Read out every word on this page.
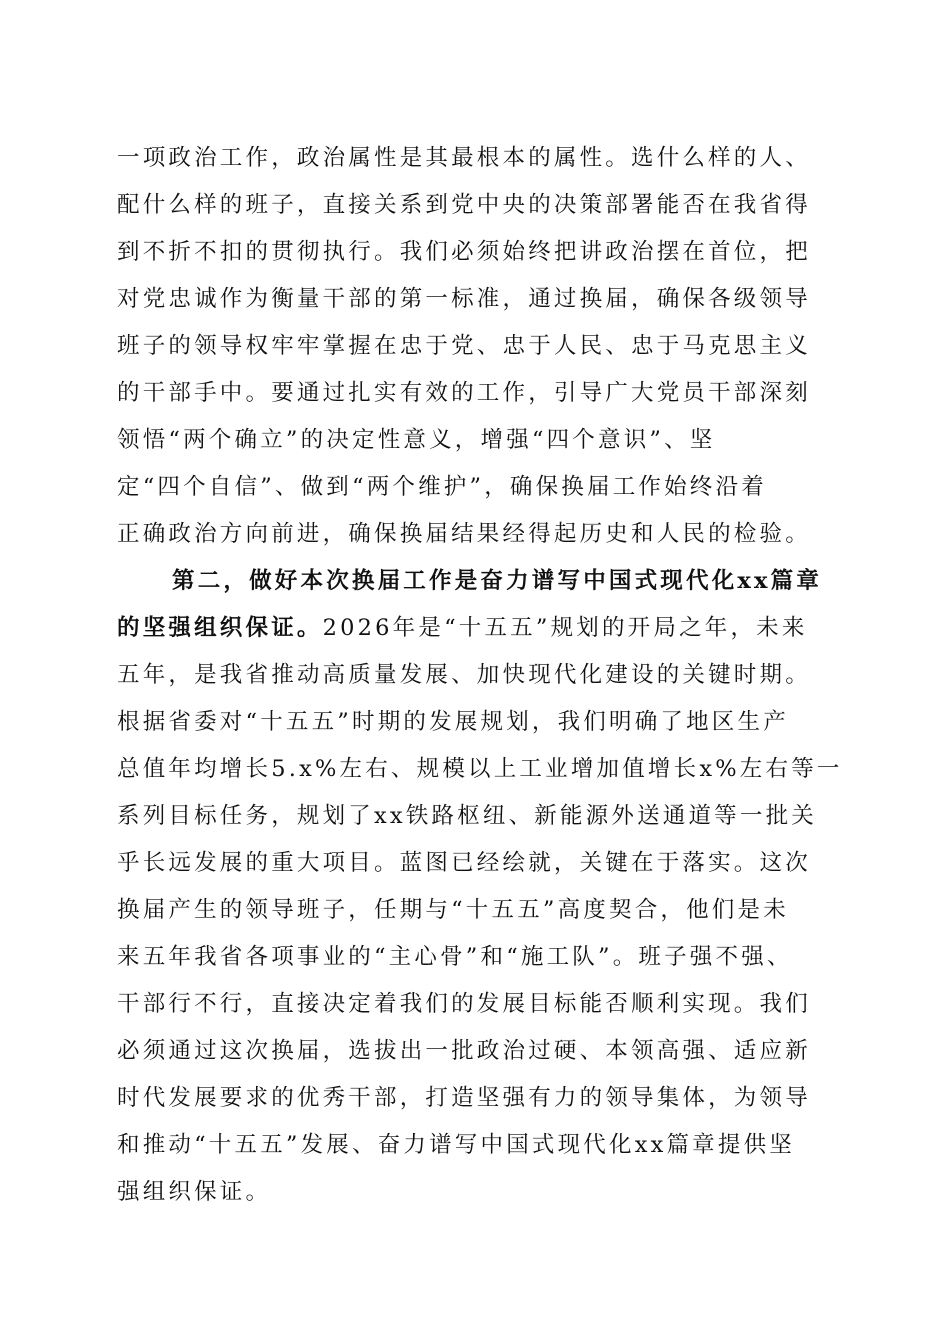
一项政治工作，政治属性是其最根本的属性。选什么样的人、
配什么样的班子，直接关系到党中央的决策部署能否在我省得
到不折不扣的贯彻执行。我们必须始终把讲政治摆在首位，把
对党忠诚作为衡量干部的第一标准，通过换届，确保各级领导
班子的领导权牢牢掌握在忠于党、忠于人民、忠于马克思主义
的干部手中。要通过扎实有效的工作，引导广大党员干部深刻
领悟“两个确立”的决定性意义，增强“四个意识”、坚
定“四个自信”、做到“两个维护”，确保换届工作始终沿着
正确政治方向前进，确保换届结果经得起历史和人民的检验。
第二，做好本次换届工作是奋力谱写中国式现代化xx篇章
的坚强组织保证。2026年是“十五五”规划的开局之年，未来
五年，是我省推动高质量发展、加快现代化建设的关键时期。
根据省委对“十五五”时期的发展规划，我们明确了地区生产
总值年均增长5.x%左右、规模以上工业增加值增长x%左右等一
系列目标任务，规划了xx铁路枢纽、新能源外送通道等一批关
乎长远发展的重大项目。蓝图已经绘就，关键在于落实。这次
换届产生的领导班子，任期与“十五五”高度契合，他们是未
来五年我省各项事业的“主心骨”和“施工队”。班子强不强、
干部行不行，直接决定着我们的发展目标能否顺利实现。我们
必须通过这次换届，选拔出一批政治过硬、本领高强、适应新
时代发展要求的优秀干部，打造坚强有力的领导集体，为领导
和推动“十五五”发展、奋力谱写中国式现代化xx篇章提供坚
强组织保证。
